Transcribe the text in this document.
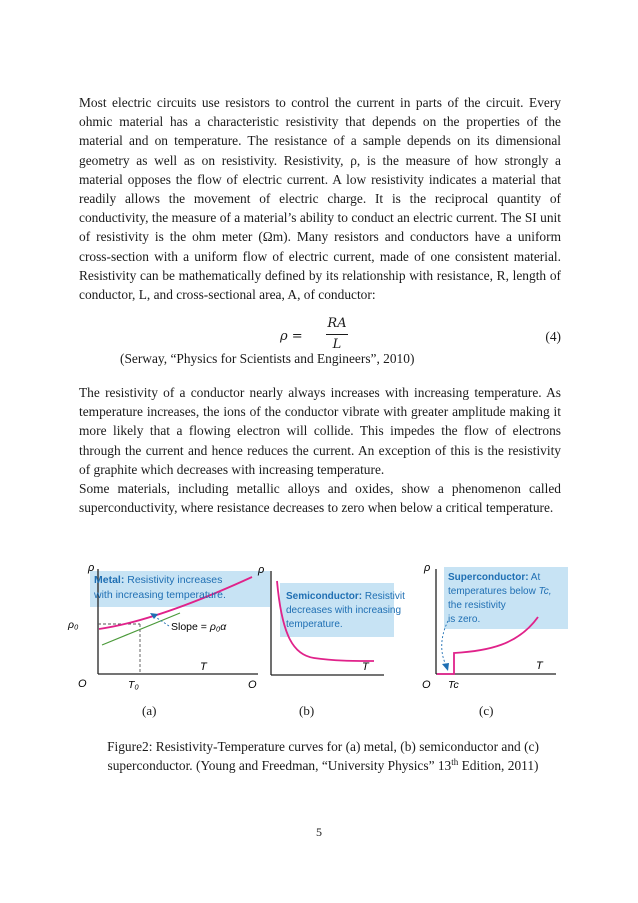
Most electric circuits use resistors to control the current in parts of the circuit. Every ohmic material has a characteristic resistivity that depends on the properties of the material and on temperature. The resistance of a sample depends on its dimensional geometry as well as on resistivity. Resistivity, ρ, is the measure of how strongly a material opposes the flow of electric current. A low resistivity indicates a material that readily allows the movement of electric charge. It is the reciprocal quantity of conductivity, the measure of a material’s ability to conduct an electric current. The SI unit of resistivity is the ohm meter (Ωm). Many resistors and conductors have a uniform cross-section with a uniform flow of electric current, made of one consistent material. Resistivity can be mathematically defined by its relationship with resistance, R, length of conductor, L, and cross-sectional area, A, of conductor:

ρ =
RA
L
(4)
(Serway, “Physics for Scientists and Engineers”, 2010)

The resistivity of a conductor nearly always increases with increasing temperature. As temperature increases, the ions of the conductor vibrate with greater amplitude making it more likely that a flowing electron will collide. This impedes the flow of electrons through the current and hence reduces the current. An exception of this is the resistivity of graphite which decreases with increasing temperature.

Some materials, including metallic alloys and oxides, show a phenomenon called superconductivity, where resistance decreases to zero when below a critical temperature.

ρ
T
O
ρ₀
T₀
Metal: Resistivity increases
with increasing temperature.
Slope = ρ₀α
ρ
T
O
Semiconductor: Resistivit
decreases with increasing
temperature.
ρ
T
O Tc
Superconductor: At
temperatures below Tc,
the resistivity
is zero.
(a)	(b)	(c)
Figure2: Resistivity-Temperature curves for (a) metal, (b) semiconductor and (c) superconductor. (Young and Freedman, “University Physics” 13th Edition, 2011)
5
